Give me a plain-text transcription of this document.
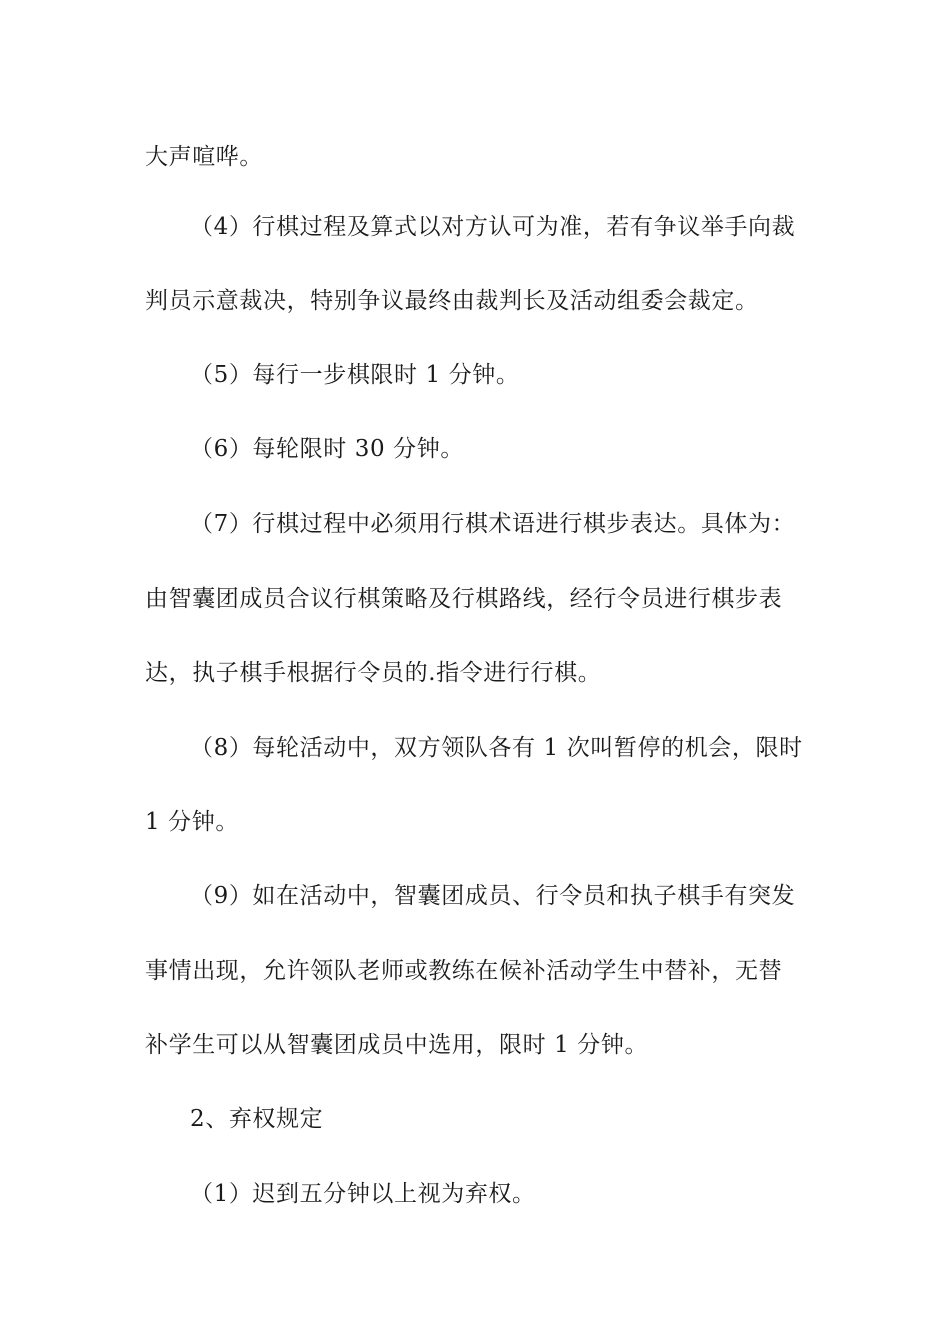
大声喧哗。
（4）行棋过程及算式以对方认可为准，若有争议举手向裁
判员示意裁决，特别争议最终由裁判长及活动组委会裁定。
（5）每行一步棋限时 1 分钟。
（6）每轮限时 30 分钟。
（7）行棋过程中必须用行棋术语进行棋步表达。具体为：
由智囊团成员合议行棋策略及行棋路线，经行令员进行棋步表
达，执子棋手根据行令员的.指令进行行棋。
（8）每轮活动中，双方领队各有 1 次叫暂停的机会，限时
1 分钟。
（9）如在活动中，智囊团成员、行令员和执子棋手有突发
事情出现，允许领队老师或教练在候补活动学生中替补，无替
补学生可以从智囊团成员中选用，限时 1 分钟。
2、弃权规定
（1）迟到五分钟以上视为弃权。
